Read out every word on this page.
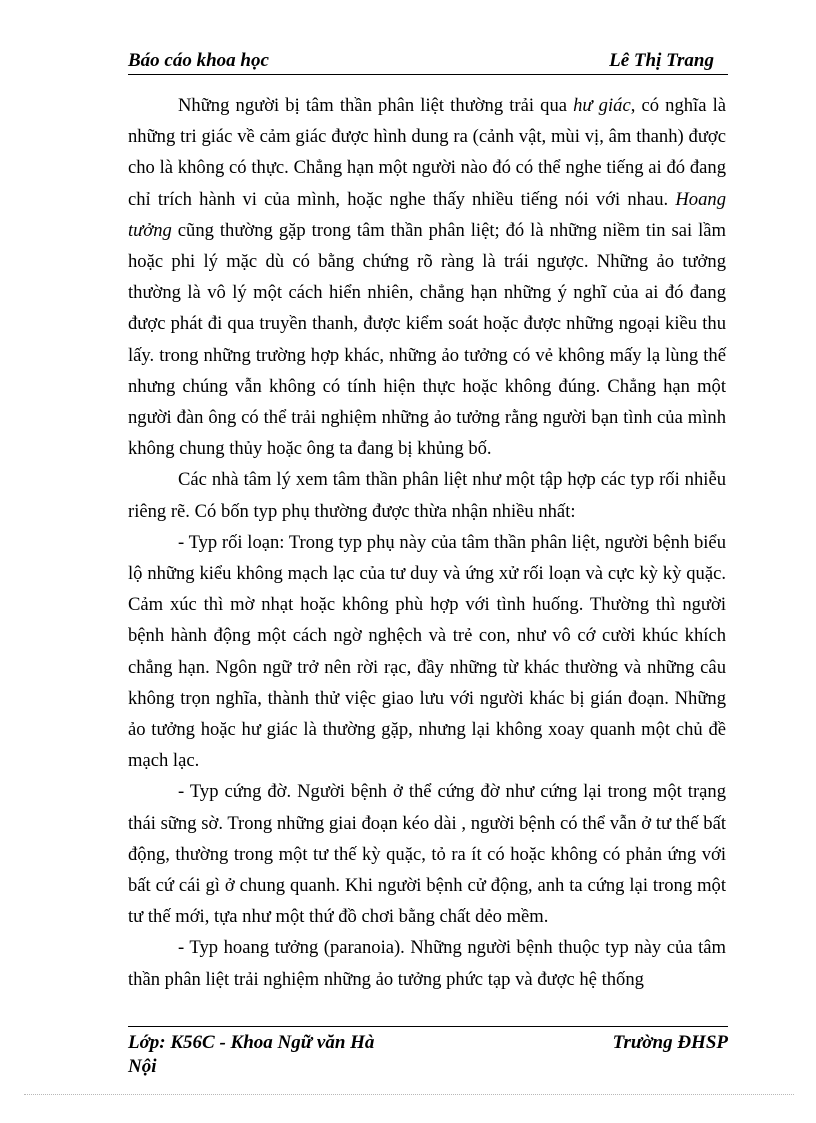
Báo cáo khoa học	Lê Thị Trang

Những người bị tâm thần phân liệt thường trải qua hư giác, có nghĩa là những tri giác về cảm giác được hình dung ra (cảnh vật, mùi vị, âm thanh) được cho là không có thực. Chẳng hạn một người nào đó có thể nghe tiếng ai đó đang chỉ trích hành vi của mình, hoặc nghe thấy nhiều tiếng nói với nhau. Hoang tưởng cũng thường gặp trong tâm thần phân liệt; đó là những niềm tin sai lầm hoặc phi lý mặc dù có bằng chứng rõ ràng là trái ngược. Những ảo tưởng thường là vô lý một cách hiển nhiên, chẳng hạn những ý nghĩ của ai đó đang được phát đi qua truyền thanh, được kiểm soát hoặc được những ngoại kiều thu lấy. trong những trường hợp khác, những ảo tưởng có vẻ không mấy lạ lùng thế nhưng chúng vẫn không có tính hiện thực hoặc không đúng. Chẳng hạn một người đàn ông có thể trải nghiệm những ảo tưởng rằng người bạn tình của mình không chung thủy hoặc ông ta đang bị khủng bố.

Các nhà tâm lý xem tâm thần phân liệt như một tập hợp các typ rối nhiễu riêng rẽ. Có bốn typ phụ thường được thừa nhận nhiều nhất:

- Typ rối loạn: Trong typ phụ này của tâm thần phân liệt, người bệnh biểu lộ những kiểu không mạch lạc của tư duy và ứng xử rối loạn và cực kỳ kỳ quặc. Cảm xúc thì mờ nhạt hoặc không phù hợp với tình huống. Thường thì người bệnh hành động một cách ngờ nghệch và trẻ con, như vô cớ cười khúc khích chẳng hạn. Ngôn ngữ trở nên rời rạc, đầy những từ khác thường và những câu không trọn nghĩa, thành thử việc giao lưu với người khác bị gián đoạn. Những ảo tưởng hoặc hư giác là thường gặp, nhưng lại không xoay quanh một chủ đề mạch lạc.

- Typ cứng đờ. Người bệnh ở thể cứng đờ như cứng lại trong một trạng thái sững sờ. Trong những giai đoạn kéo dài , người bệnh có thể vẫn ở tư thế bất động, thường trong một tư thế kỳ quặc, tỏ ra ít có hoặc không có phản ứng với bất cứ cái gì ở chung quanh. Khi người bệnh cử động, anh ta cứng lại trong một tư thế mới, tựa như một thứ đồ chơi bằng chất dẻo mềm.

- Typ hoang tưởng (paranoia). Những người bệnh thuộc typ này của tâm thần phân liệt trải nghiệm những ảo tưởng phức tạp và được hệ thống

Lớp: K56C - Khoa Ngữ văn Hà Nội
Trường ĐHSP
